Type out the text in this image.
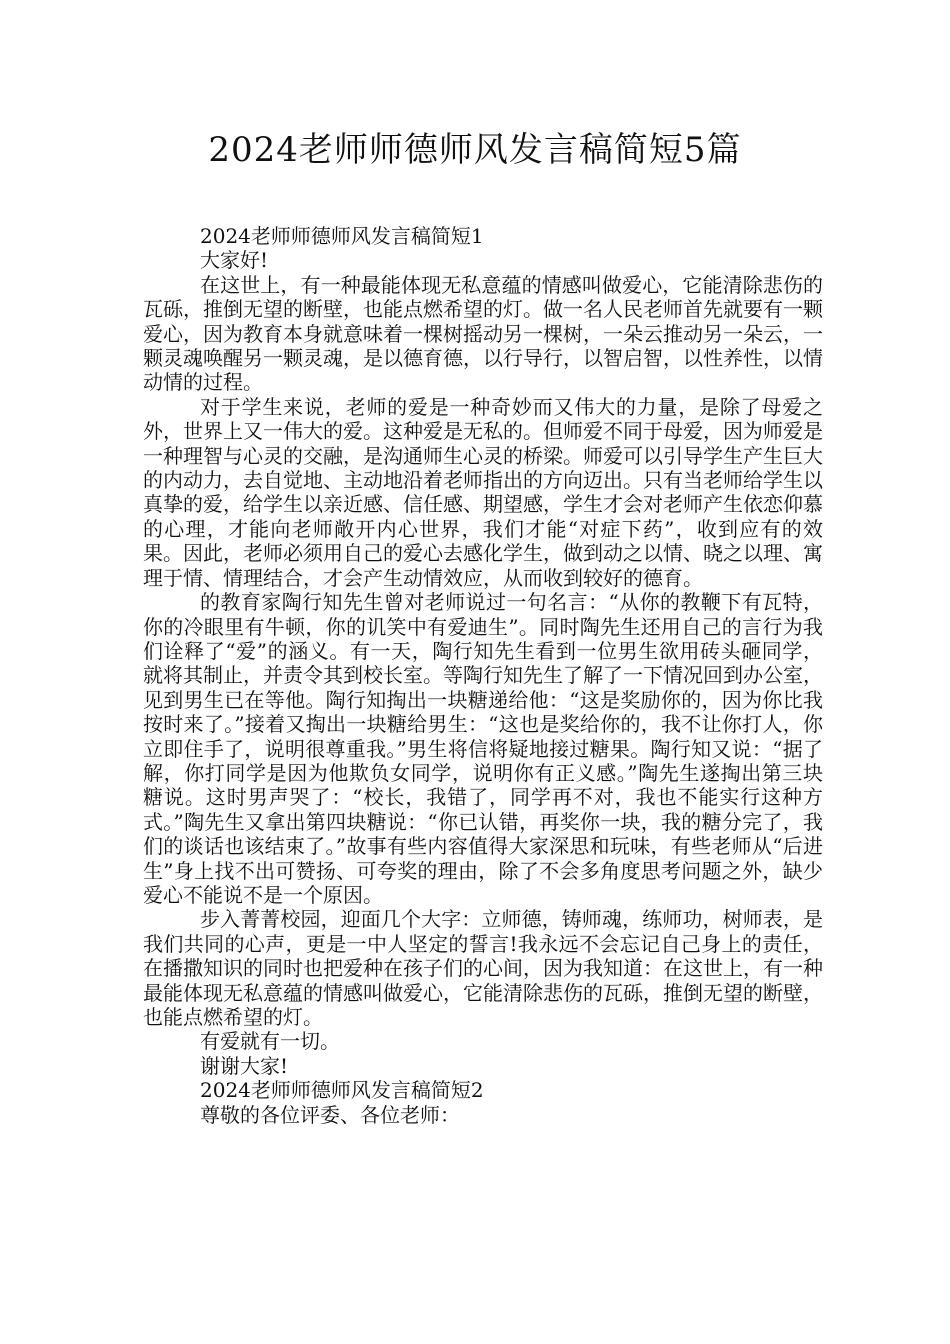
2024老师师德师风发言稿简短5篇

2024老师师德师风发言稿简短1

大家好!

在这世上，有一种最能体现无私意蕴的情感叫做爱心，它能清除悲伤的瓦砾，推倒无望的断壁，也能点燃希望的灯。做一名人民老师首先就要有一颗爱心，因为教育本身就意味着一棵树摇动另一棵树，一朵云推动另一朵云，一颗灵魂唤醒另一颗灵魂，是以德育德，以行导行，以智启智，以性养性，以情动情的过程。

对于学生来说，老师的爱是一种奇妙而又伟大的力量，是除了母爱之外，世界上又一伟大的爱。这种爱是无私的。但师爱不同于母爱，因为师爱是一种理智与心灵的交融，是沟通师生心灵的桥梁。师爱可以引导学生产生巨大的内动力，去自觉地、主动地沿着老师指出的方向迈出。只有当老师给学生以真挚的爱，给学生以亲近感、信任感、期望感，学生才会对老师产生依恋仰慕的心理，才能向老师敞开内心世界，我们才能“对症下药”，收到应有的效果。因此，老师必须用自己的爱心去感化学生，做到动之以情、晓之以理、寓理于情、情理结合，才会产生动情效应，从而收到较好的德育。

的教育家陶行知先生曾对老师说过一句名言：“从你的教鞭下有瓦特，你的冷眼里有牛顿，你的讥笑中有爱迪生”。同时陶先生还用自己的言行为我们诠释了“爱”的涵义。有一天，陶行知先生看到一位男生欲用砖头砸同学，就将其制止，并责令其到校长室。等陶行知先生了解了一下情况回到办公室，见到男生已在等他。陶行知掏出一块糖递给他：“这是奖励你的，因为你比我按时来了。”接着又掏出一块糖给男生：“这也是奖给你的，我不让你打人，你立即住手了，说明很尊重我。”男生将信将疑地接过糖果。陶行知又说：“据了解，你打同学是因为他欺负女同学，说明你有正义感。”陶先生遂掏出第三块糖说。这时男声哭了：“校长，我错了，同学再不对，我也不能实行这种方式。”陶先生又拿出第四块糖说：“你已认错，再奖你一块，我的糖分完了，我们的谈话也该结束了。”故事有些内容值得大家深思和玩味，有些老师从“后进生”身上找不出可赞扬、可夸奖的理由，除了不会多角度思考问题之外，缺少爱心不能说不是一个原因。

步入菁菁校园，迎面几个大字：立师德，铸师魂，练师功，树师表，是我们共同的心声，更是一中人坚定的誓言!我永远不会忘记自己身上的责任，在播撒知识的同时也把爱种在孩子们的心间，因为我知道：在这世上，有一种最能体现无私意蕴的情感叫做爱心，它能清除悲伤的瓦砾，推倒无望的断壁，也能点燃希望的灯。

有爱就有一切。

谢谢大家!

2024老师师德师风发言稿简短2

尊敬的各位评委、各位老师：
